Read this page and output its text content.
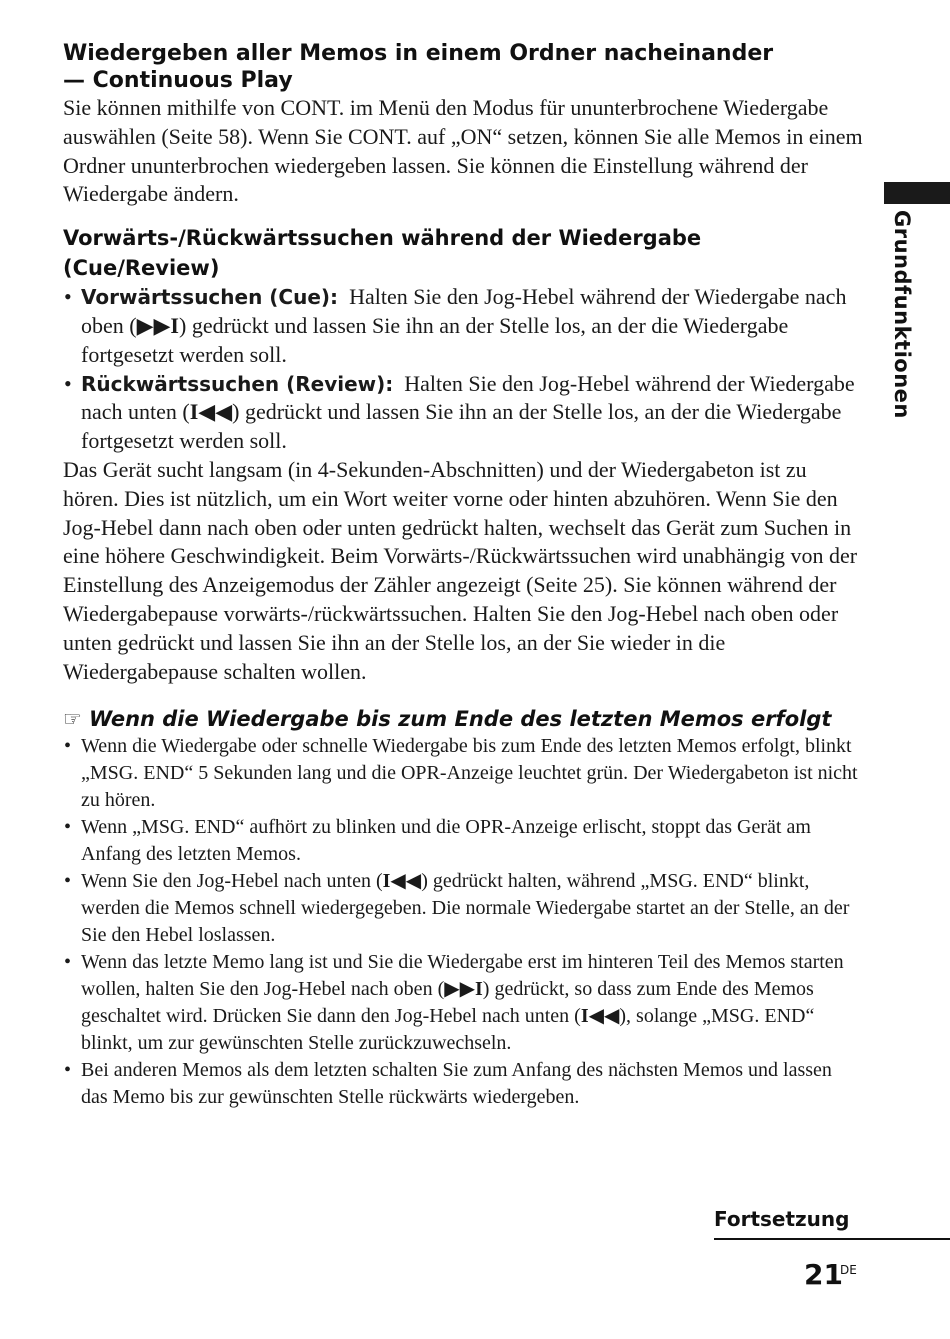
Grundfunktionen
Wiedergeben aller Memos in einem Ordner nacheinander
— Continuous Play

Sie können mithilfe von CONT. im Menü den Modus für ununterbrochene Wiedergabe auswählen (Seite 58). Wenn Sie CONT. auf „ON“ setzen, können Sie alle Memos in einem Ordner ununterbrochen wiedergeben lassen. Sie können die Einstellung während der Wiedergabe ändern.

Vorwärts-/Rückwärtssuchen während der Wiedergabe (Cue/Review)
• Vorwärtssuchen (Cue): Halten Sie den Jog-Hebel während der Wiedergabe nach oben (▶▶I) gedrückt und lassen Sie ihn an der Stelle los, an der die Wiedergabe fortgesetzt werden soll.
• Rückwärtssuchen (Review): Halten Sie den Jog-Hebel während der Wiedergabe nach unten (I◀◀) gedrückt und lassen Sie ihn an der Stelle los, an der die Wiedergabe fortgesetzt werden soll.

Das Gerät sucht langsam (in 4-Sekunden-Abschnitten) und der Wiedergabeton ist zu hören. Dies ist nützlich, um ein Wort weiter vorne oder hinten abzuhören. Wenn Sie den Jog-Hebel dann nach oben oder unten gedrückt halten, wechselt das Gerät zum Suchen in eine höhere Geschwindigkeit. Beim Vorwärts-/Rückwärtssuchen wird unabhängig von der Einstellung des Anzeigemodus der Zähler angezeigt (Seite 25). Sie können während der Wiedergabepause vorwärts-/rückwärtssuchen. Halten Sie den Jog-Hebel nach oben oder unten gedrückt und lassen Sie ihn an der Stelle los, an der Sie wieder in die Wiedergabepause schalten wollen.

☞ Wenn die Wiedergabe bis zum Ende des letzten Memos erfolgt
• Wenn die Wiedergabe oder schnelle Wiedergabe bis zum Ende des letzten Memos erfolgt, blinkt „MSG. END“ 5 Sekunden lang und die OPR-Anzeige leuchtet grün. Der Wiedergabeton ist nicht zu hören.
• Wenn „MSG. END“ aufhört zu blinken und die OPR-Anzeige erlischt, stoppt das Gerät am Anfang des letzten Memos.
• Wenn Sie den Jog-Hebel nach unten (I◀◀) gedrückt halten, während „MSG. END“ blinkt, werden die Memos schnell wiedergegeben. Die normale Wiedergabe startet an der Stelle, an der Sie den Hebel loslassen.
• Wenn das letzte Memo lang ist und Sie die Wiedergabe erst im hinteren Teil des Memos starten wollen, halten Sie den Jog-Hebel nach oben (▶▶I) gedrückt, so dass zum Ende des Memos geschaltet wird. Drücken Sie dann den Jog-Hebel nach unten (I◀◀), solange „MSG. END“ blinkt, um zur gewünschten Stelle zurückzuwechseln.
• Bei anderen Memos als dem letzten schalten Sie zum Anfang des nächsten Memos und lassen das Memo bis zur gewünschten Stelle rückwärts wiedergeben.
Fortsetzung
21
DE
